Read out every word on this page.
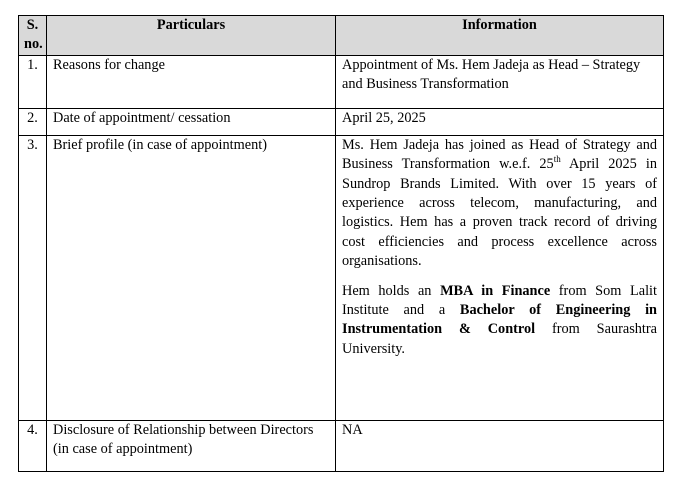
S. no.	Particulars	Information
1.	Reasons for change	Appointment of Ms. Hem Jadeja as Head – Strategy and Business Transformation
2.	Date of appointment/ cessation	April 25, 2025
3.	Brief profile (in case of appointment)	Ms. Hem Jadeja has joined as Head of Strategy and Business Transformation w.e.f. 25th April 2025 in Sundrop Brands Limited. With over 15 years of experience across telecom, manufacturing, and logistics. Hem has a proven track record of driving cost efficiencies and process excellence across organisations.

Hem holds an MBA in Finance from Som Lalit Institute and a Bachelor of Engineering in Instrumentation & Control from Saurashtra University.

4.	Disclosure of Relationship between Directors (in case of appointment)	NA
